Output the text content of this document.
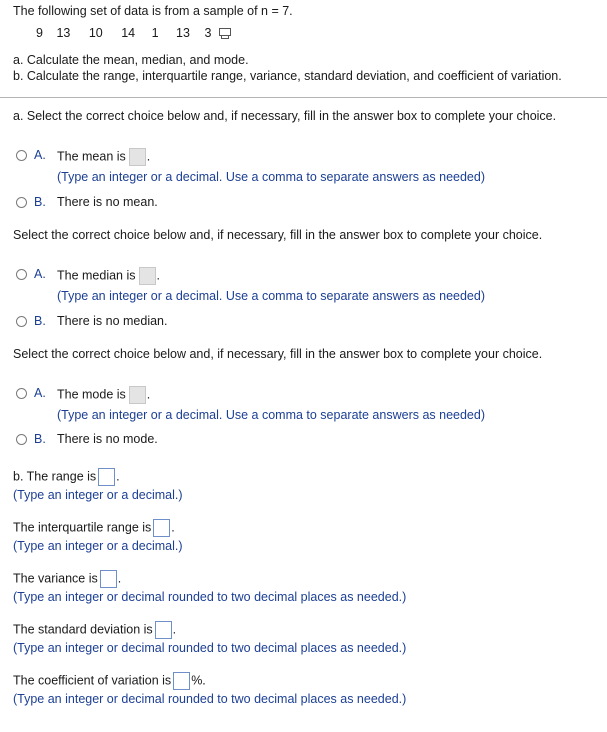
The following set of data is from a sample of n = 7.
9 13 10 14 1 13 3
a. Calculate the mean, median, and mode.
b. Calculate the range, interquartile range, variance, standard deviation, and coefficient of variation.
a. Select the correct choice below and, if necessary, fill in the answer box to complete your choice.
A. The mean is .
(Type an integer or a decimal. Use a comma to separate answers as needed)
B. There is no mean.
Select the correct choice below and, if necessary, fill in the answer box to complete your choice.
A. The median is .
(Type an integer or a decimal. Use a comma to separate answers as needed)
B. There is no median.
Select the correct choice below and, if necessary, fill in the answer box to complete your choice.
A. The mode is .
(Type an integer or a decimal. Use a comma to separate answers as needed)
B. There is no mode.
b. The range is .
(Type an integer or a decimal.)
The interquartile range is .
(Type an integer or a decimal.)
The variance is .
(Type an integer or decimal rounded to two decimal places as needed.)
The standard deviation is .
(Type an integer or decimal rounded to two decimal places as needed.)
The coefficient of variation is %.
(Type an integer or decimal rounded to two decimal places as needed.)
